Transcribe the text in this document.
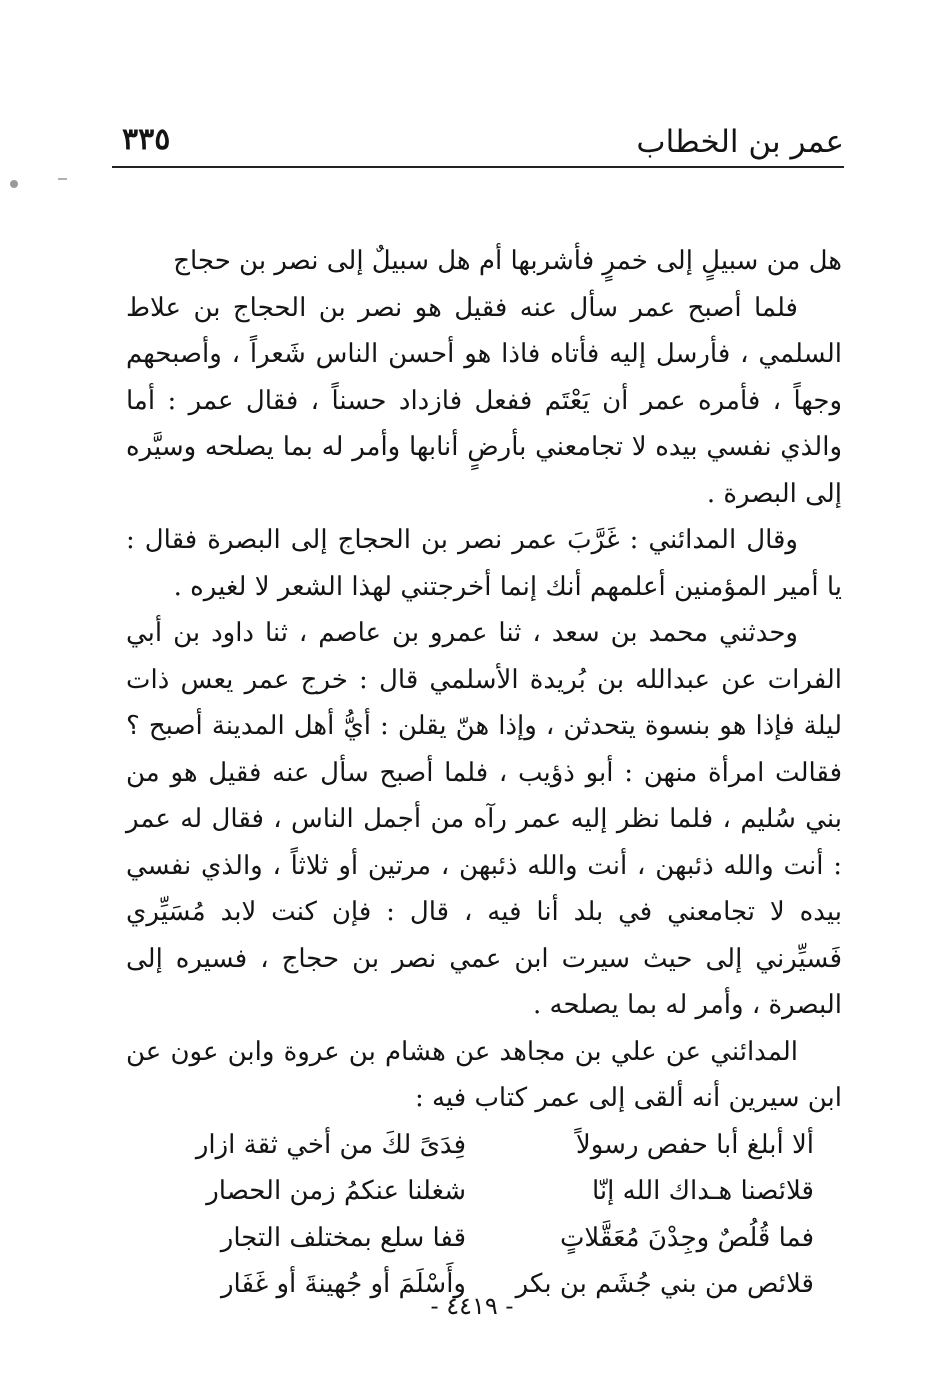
عمر بن الخطاب
٣٣٥

هل من سبيلٍ إلى خمرٍ فأشربها أم هل سبيلٌ إلى نصر بن حجاج

فلما أصبح عمر سأل عنه فقيل هو نصر بن الحجاج بن علاط السلمي ، فأرسل إليه فأتاه فاذا هو أحسن الناس شَعراً ، وأصبحهم وجهاً ، فأمره عمر أن يَعْتَم ففعل فازداد حسناً ، فقال عمر : أما والذي نفسي بيده لا تجامعني بأرضٍ أنابها وأمر له بما يصلحه وسيَّره إلى البصرة .

وقال المدائني : غَرَّبَ عمر نصر بن الحجاج إلى البصرة فقال : يا أمير المؤمنين أعلمهم أنك إنما أخرجتني لهذا الشعر لا لغيره .

وحدثني محمد بن سعد ، ثنا عمرو بن عاصم ، ثنا داود بن أبي الفرات عن عبدالله بن بُريدة الأسلمي قال : خرج عمر يعس ذات ليلة فإذا هو بنسوة يتحدثن ، وإذا هنّ يقلن : أيُّ أهل المدينة أصبح ؟ فقالت امرأة منهن : أبو ذؤيب ، فلما أصبح سأل عنه فقيل هو من بني سُليم ، فلما نظر إليه عمر رآه من أجمل الناس ، فقال له عمر : أنت والله ذئبهن ، أنت والله ذئبهن ، مرتين أو ثلاثاً ، والذي نفسي بيده لا تجامعني في بلد أنا فيه ، قال : فإن كنت لابد مُسَيِّري فَسيِّرني إلى حيث سيرت ابن عمي نصر بن حجاج ، فسيره إلى البصرة ، وأمر له بما يصلحه .

المدائني عن علي بن مجاهد عن هشام بن عروة وابن عون عن ابن سيرين أنه ألقى إلى عمر كتاب فيه :

ألا أبلغ أبا حفص رسولاً
فِدَىً لكَ من أخي ثقة ازار
قلائصنا هـداك الله إنّا
شغلنا عنكمُ زمن الحصار
فما قُلُصٌ وجِدْنَ مُعَقَّلاتٍ
قفا سلع بمختلف التجار
قلائص من بني جُشَم بن بكر
وأَسْلَمَ أو جُهينةَ أو غَفَار
- ٤٤١٩ -
